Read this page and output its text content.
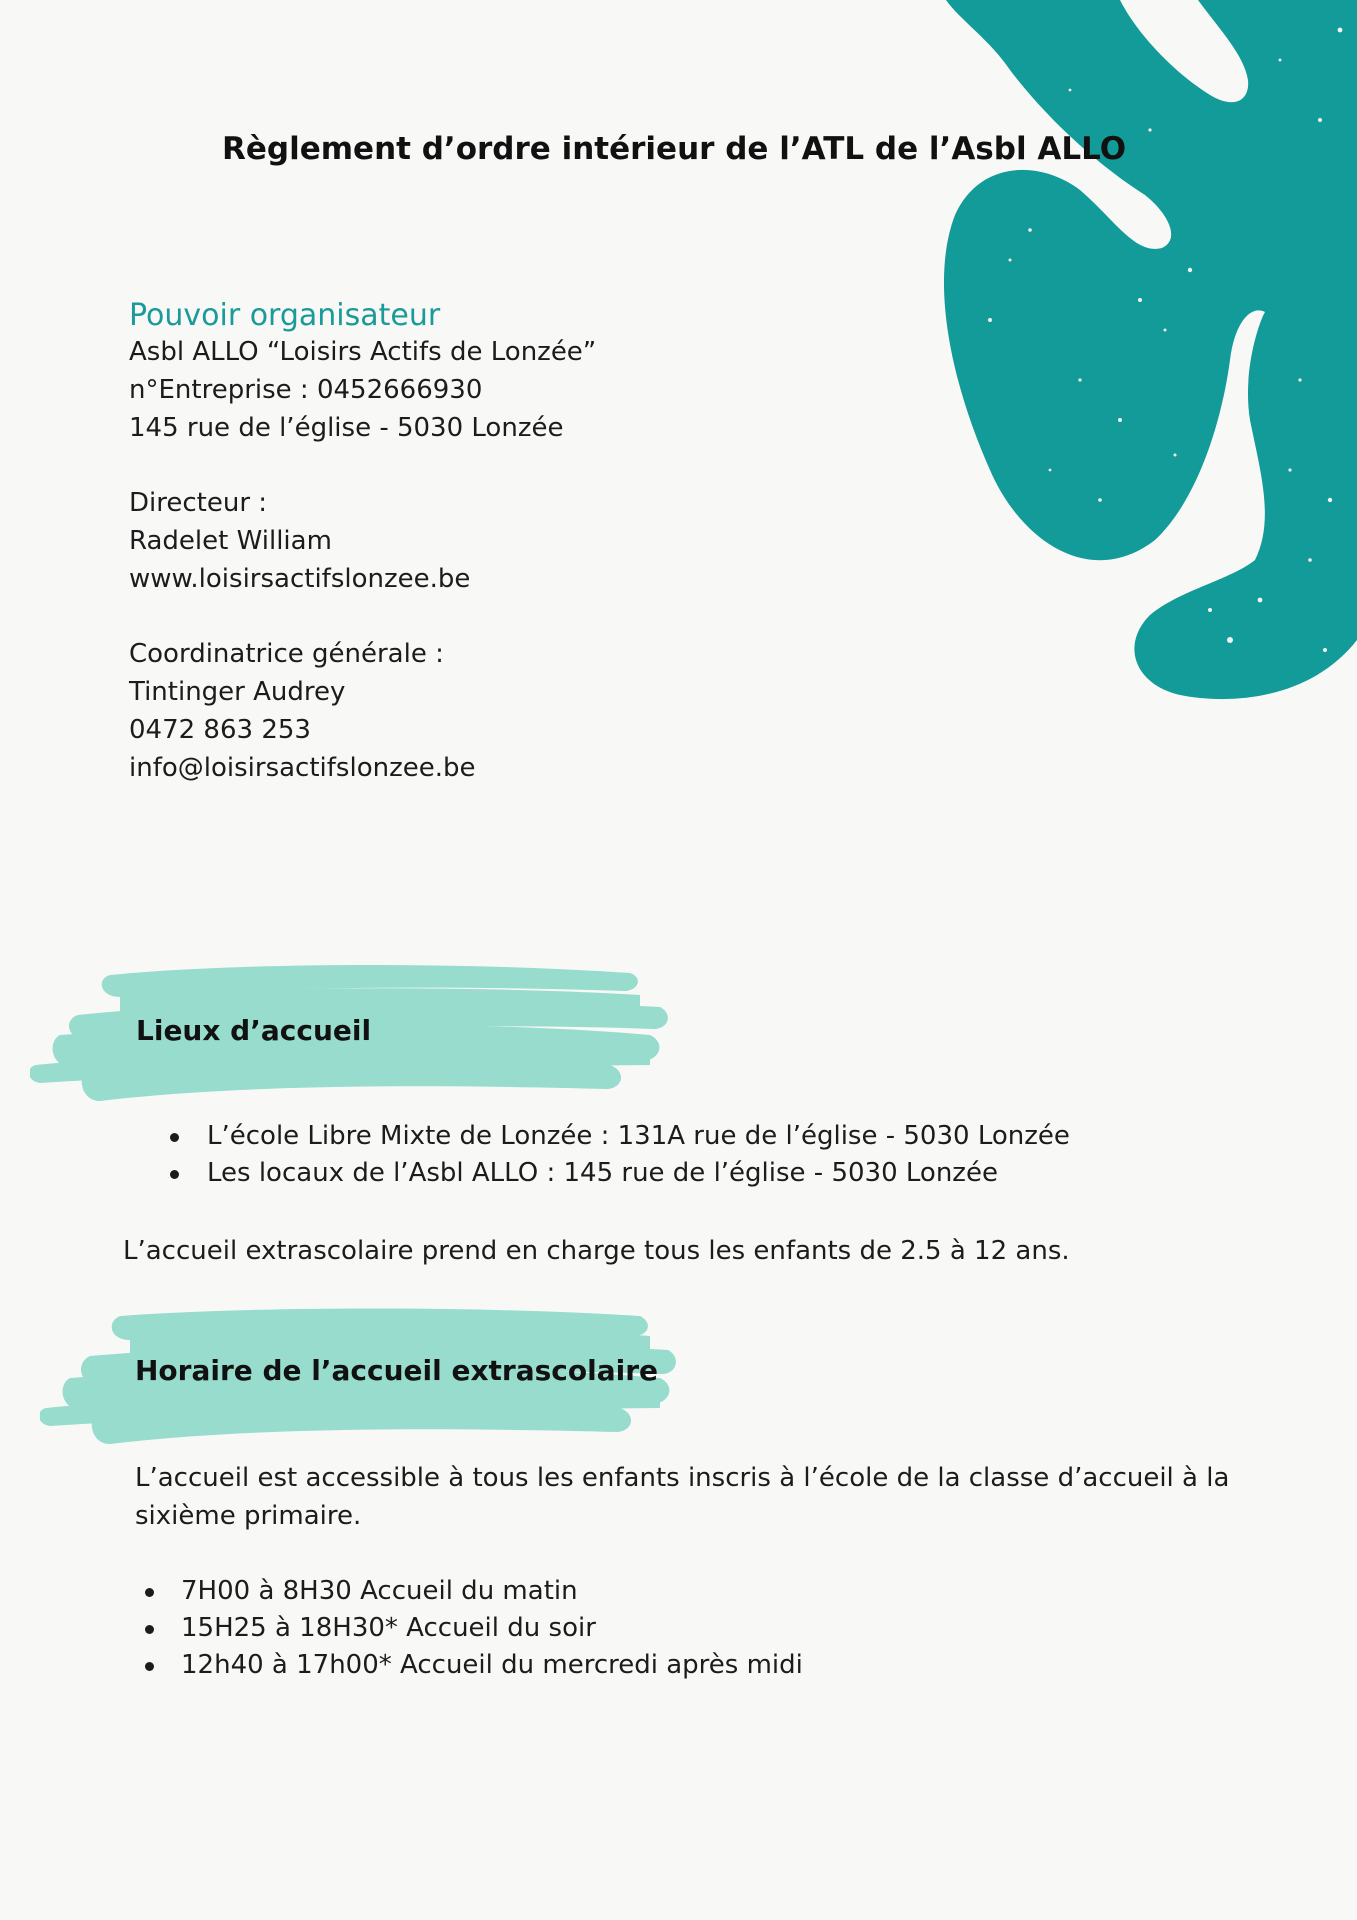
Règlement d’ordre intérieur de l’ATL de l’Asbl ALLO
Pouvoir organisateur
Asbl ALLO “Loisirs Actifs de Lonzée”
n°Entreprise : 0452666930
145 rue de l’église - 5030 Lonzée
Directeur :
Radelet William
www.loisirsactifslonzee.be
Coordinatrice générale :
Tintinger Audrey
0472 863 253
info@loisirsactifslonzee.be
Lieux d’accueil
L’école Libre Mixte de Lonzée : 131A rue de l’église - 5030 Lonzée
Les locaux de l’Asbl ALLO : 145 rue de l’église - 5030 Lonzée
L’accueil extrascolaire prend en charge tous les enfants de 2.5 à 12 ans.
Horaire de l’accueil extrascolaire
L’accueil est accessible à tous les enfants inscris à l’école de la classe d’accueil à la sixième primaire.
7H00 à 8H30 Accueil du matin
15H25 à 18H30* Accueil du soir
12h40 à 17h00* Accueil du mercredi après midi
